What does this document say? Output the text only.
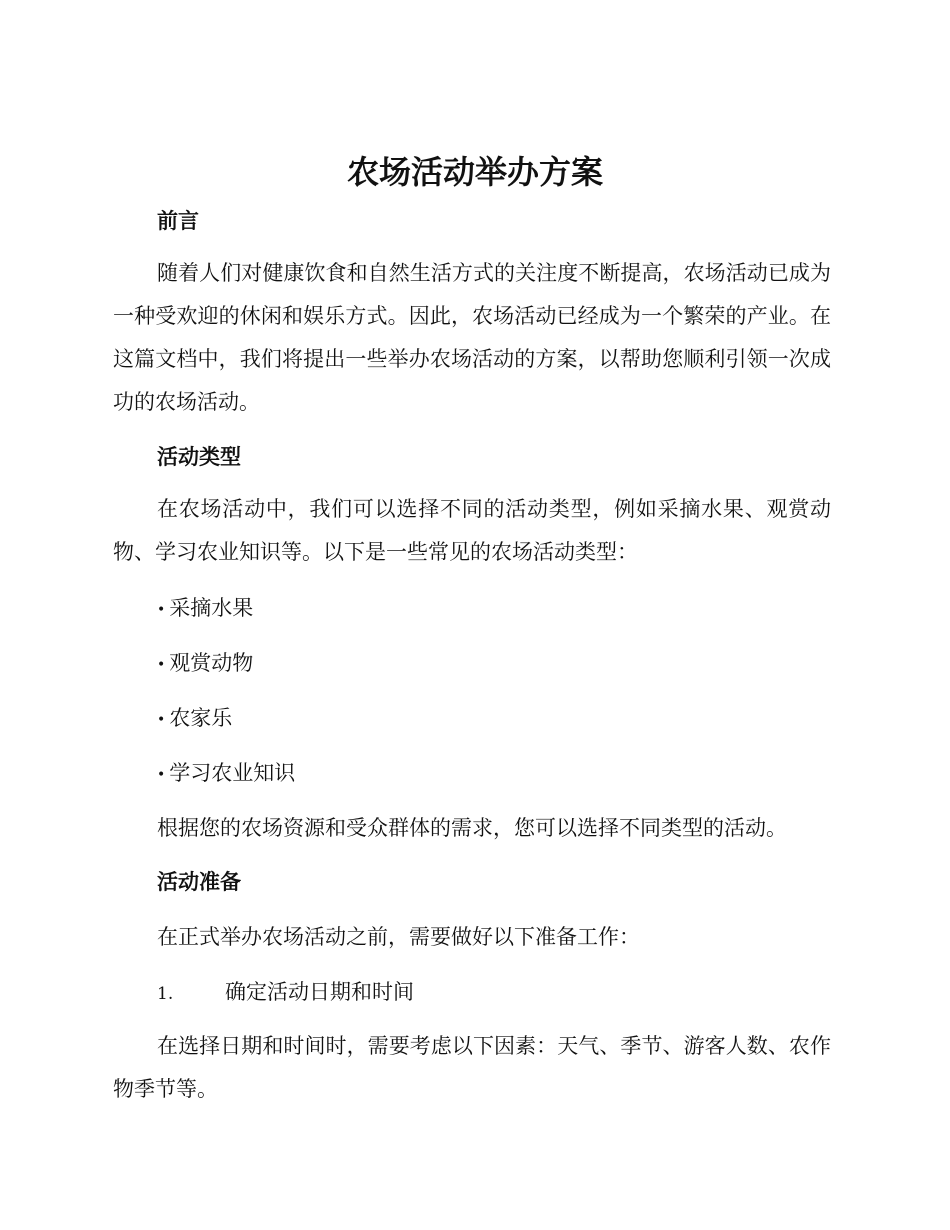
农场活动举办方案
前言

随着人们对健康饮食和自然生活方式的关注度不断提高，农场活动已成为一种受欢迎的休闲和娱乐方式。因此，农场活动已经成为一个繁荣的产业。在这篇文档中，我们将提出一些举办农场活动的方案，以帮助您顺利引领一次成功的农场活动。

活动类型

在农场活动中，我们可以选择不同的活动类型，例如采摘水果、观赏动物、学习农业知识等。以下是一些常见的农场活动类型：

• 采摘水果
• 观赏动物
• 农家乐
• 学习农业知识

根据您的农场资源和受众群体的需求，您可以选择不同类型的活动。

活动准备

在正式举办农场活动之前，需要做好以下准备工作：

1. 确定活动日期和时间

在选择日期和时间时，需要考虑以下因素：天气、季节、游客人数、农作物季节等。
